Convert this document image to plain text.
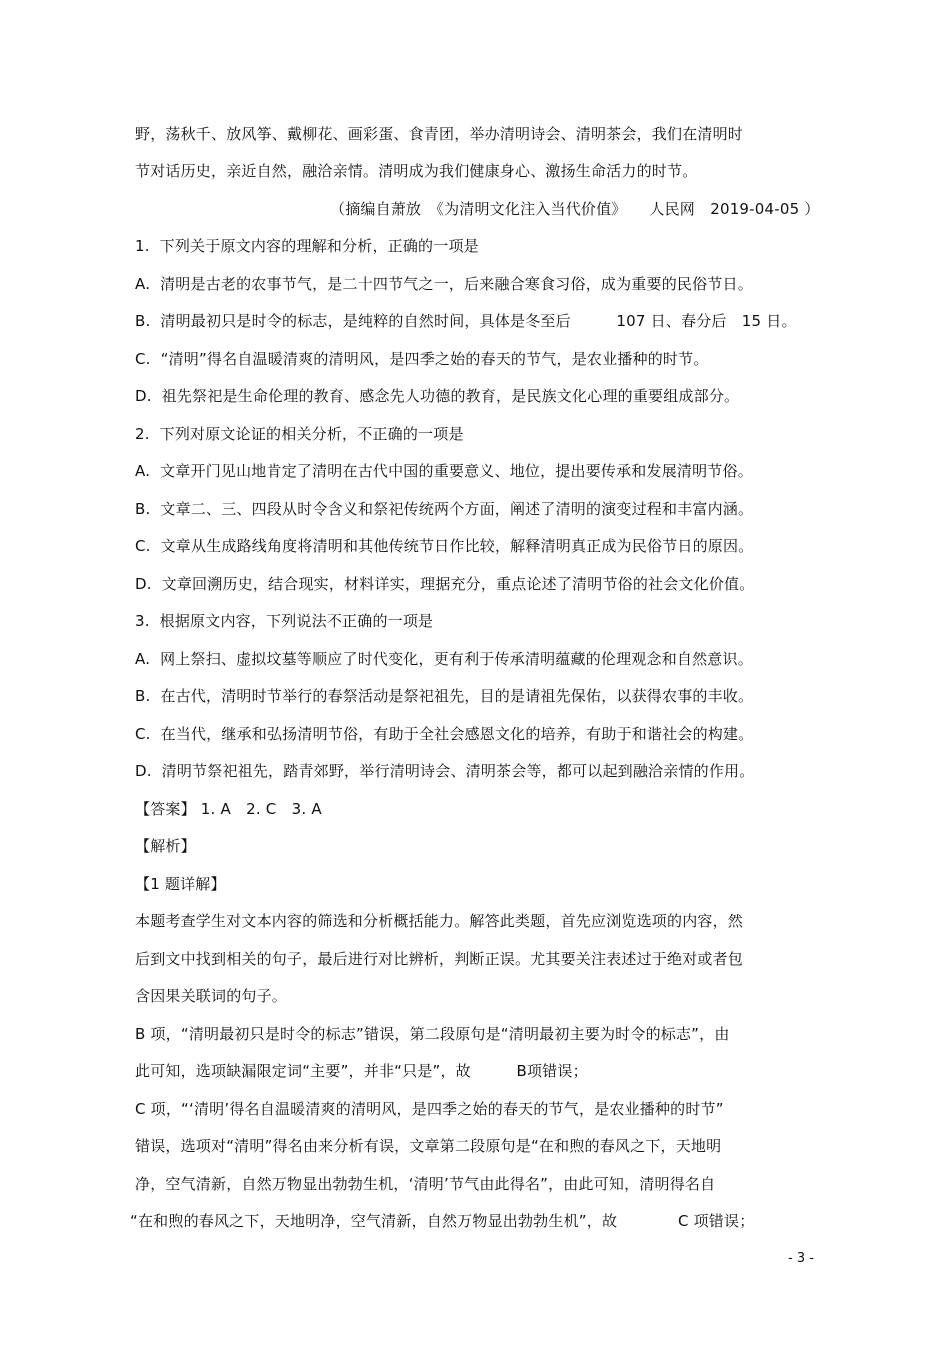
野，荡秋千、放风筝、戴柳花、画彩蛋、食青团，举办清明诗会、清明茶会，我们在清明时
节对话历史，亲近自然，融洽亲情。清明成为我们健康身心、激扬生命活力的时节。
（摘编自萧放　《为清明文化注入当代价值》　　人民网　2019-04-05 ）
1.  下列关于原文内容的理解和分析，正确的一项是
A.  清明是古老的农事节气，是二十四节气之一，后来融合寒食习俗，成为重要的民俗节日。
B.  清明最初只是时令的标志，是纯粹的自然时间，具体是冬至后　　　107 日、春分后　15 日。
C.  “清明”得名自温暖清爽的清明风，是四季之始的春天的节气，是农业播种的时节。
D.  祖先祭祀是生命伦理的教育、感念先人功德的教育，是民族文化心理的重要组成部分。
2.  下列对原文论证的相关分析，不正确的一项是
A.  文章开门见山地肯定了清明在古代中国的重要意义、地位，提出要传承和发展清明节俗。
B.  文章二、三、四段从时令含义和祭祀传统两个方面，阐述了清明的演变过程和丰富内涵。
C.  文章从生成路线角度将清明和其他传统节日作比较，解释清明真正成为民俗节日的原因。
D.  文章回溯历史，结合现实，材料详实，理据充分，重点论述了清明节俗的社会文化价值。
3.  根据原文内容，下列说法不正确的一项是
A.  网上祭扫、虚拟坟墓等顺应了时代变化，更有利于传承清明蕴藏的伦理观念和自然意识。
B.  在古代，清明时节举行的春祭活动是祭祀祖先，目的是请祖先保佑，以获得农事的丰收。
C.  在当代，继承和弘扬清明节俗，有助于全社会感恩文化的培养，有助于和谐社会的构建。
D.  清明节祭祀祖先，踏青郊野，举行清明诗会、清明茶会等，都可以起到融洽亲情的作用。
【答案】 1. A　2. C　3. A
【解析】
【1 题详解】
本题考查学生对文本内容的筛选和分析概括能力。解答此类题，首先应浏览选项的内容，然
后到文中找到相关的句子，最后进行对比辨析，判断正误。尤其要关注表述过于绝对或者包
含因果关联词的句子。
B 项，“清明最初只是时令的标志”错误，第二段原句是“清明最初主要为时令的标志”，由
此可知，选项缺漏限定词“主要”，并非“只是”，故　　　B项错误；
C 项，“‘清明’得名自温暖清爽的清明风，是四季之始的春天的节气，是农业播种的时节”
错误，选项对“清明”得名由来分析有误，文章第二段原句是“在和煦的春风之下，天地明
净，空气清新，自然万物显出勃勃生机，‘清明’节气由此得名”，由此可知，清明得名自
“在和煦的春风之下，天地明净，空气清新，自然万物显出勃勃生机”，故　　　　C 项错误；
- 3 -
